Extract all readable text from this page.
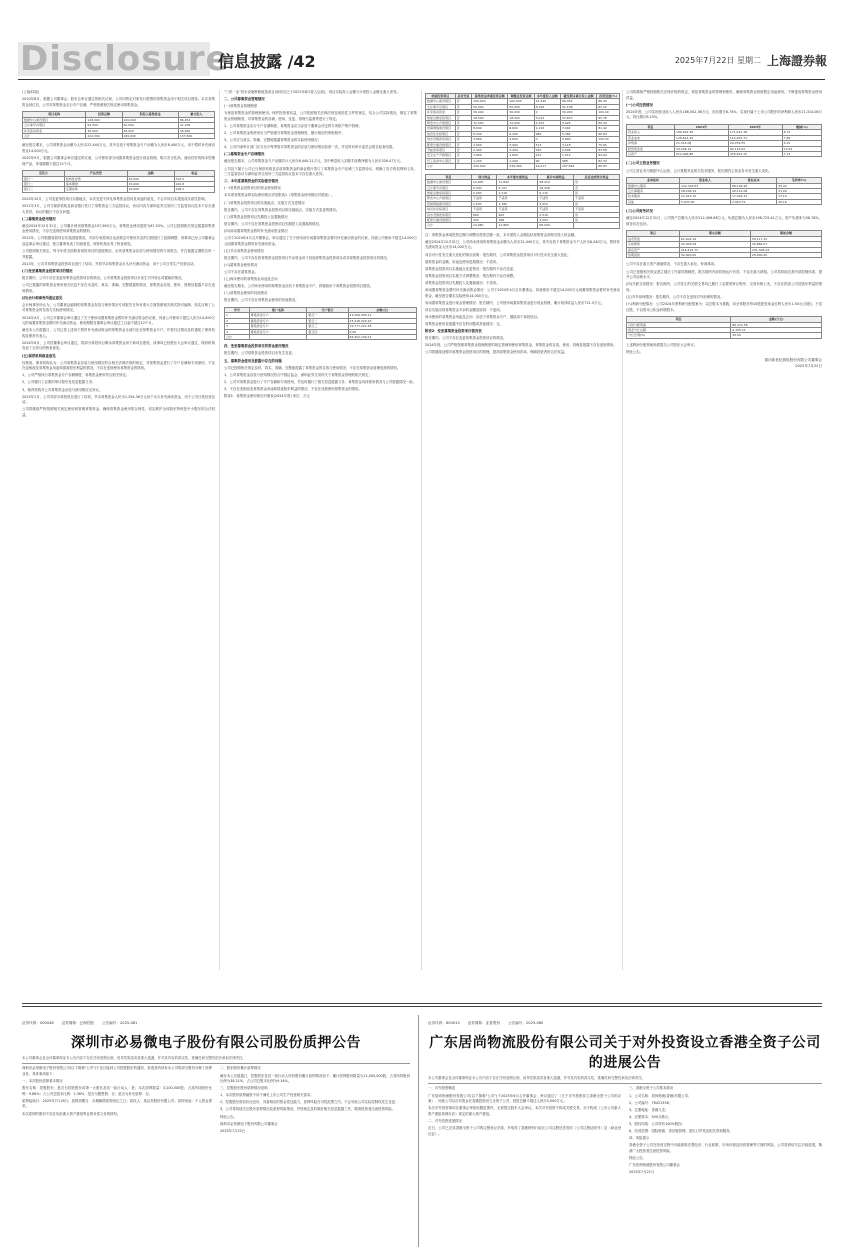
Disclosure
信息披露 /42	2025年7月22日 星期二 上海證券報

(上接42版)

2020年8月，根据公司董事会、股东会审议通过的相关议案，公司向特定对象发行股票的募集资金用于相关项目建设。本次募集资金到位后，公司对募集资金实行专户存储，严格按照相关规定使用募集资金。

项目名称	投资总额	拟投入募集资金	累计投入
数据中心建设项目	128,000	100,000	86,452
云计算平台项目	64,300	50,000	41,108
补充流动资金	30,000	30,000	30,000
合计	222,300	180,000	157,560

截至报告期末，公司募集资金余额为人民币22,440万元，其中存放于募集资金专户余额为人民币8,440万元，用于暂时补充流动资金14,000万元。

2020年9月，根据公司董事会审议通过的议案，公司使用部分闲置募集资金进行现金管理，购买安全性高、流动性好的保本型理财产品，单笔期限不超过12个月。

受托方	产品类型	金额	收益
银行一	结构性存款	20,000	312.5
银行二	保本理财	15,000	240.8
银行三	定期存款	10,000	168.2

2020年10月，公司变更募投项目实施地点，本次变更不涉及募集资金投向及用途的改变，不会对项目实施造成实质性影响。

2021年3月，公司与保荐机构及商业银行签订了募集资金三方监管协议，协议内容与深圳证券交易所三方监管协议范本不存在重大差异，协议的履行不存在问题。

(二)募集资金使用情况

截至2024年12月31日，公司累计使用募集资金157,560万元，募集资金使用进度为87.53%。公司已按照相关规定披露募集资金使用情况，不存在违规使用募集资金的情形。

2022年，公司根据募投项目实施进展情况，对部分募投项目达到预定可使用状态的日期进行了延期调整，该事项已经公司董事会及监事会审议通过，独立董事发表了同意意见，保荐机构出具了核查意见。

公司按照相关规定，每半年度全面核查募投项目的进展情况，出具募集资金存放与使用情况的专项报告，并在披露定期报告时一并披露。

2023年，公司对募集资金投资项目进行了结项，并将节余募集资金永久补充流动资金，用于公司日常生产经营活动。

(三)变更募集资金投资项目的情况

报告期内，公司不存在变更募集资金投资项目的情况。公司募集资金投资项目未发生对外转让或置换的情况。

公司已披露的募集资金使用相关信息不存在未及时、真实、准确、完整披露的情况，募集资金存放、使用、管理及披露不存在违规情形。

(四)会计师事务所鉴证意见

会计师事务所认为，公司董事会编制的募集资金存放与使用情况专项报告在所有重大方面按照相关格式指引编制，如实反映了公司募集资金的存放与实际使用情况。

2024年4月，公司召开董事会审议通过了关于使用闲置募集资金暂时补充流动资金的议案，同意公司使用不超过人民币14,000万元的闲置募集资金暂时补充流动资金，使用期限自董事会审议通过之日起不超过12个月。

截至本公告披露日，公司已将上述用于暂时补充流动资金的募集资金全部归还至募集资金专户，并将归还情况及时通知了保荐机构及保荐代表人。

2024年6月，公司经董事会审议通过，将部分募投项目剩余募集资金用于新项目建设，该事项已经股东大会审议通过，保荐机构发表了无异议的核查意见。

(五)保荐机构核查意见

经核查，保荐机构认为：公司募集资金存放与使用情况符合相关法律法规的规定，对募集资金进行了专户存储和专项使用，不存在变相改变募集资金用途和损害股东利益的情况，不存在违规使用募集资金的情形。

1、公司严格执行募集资金专户存储制度，募集资金使用符合相关规定；

2、公司履行了必要的审议程序及信息披露义务；

3、保荐机构对公司募集资金存放与使用情况无异议。

2025年1月，公司对部分募投项目进行了结项，节余募集资金人民币1,254.36万元用于永久补充流动资金，用于公司日常经营活动。

公司将继续严格按照相关规定使用和管理募集资金，确保募集资金使用的合规性，切实维护全体股东特别是中小股东的合法权益。

"三供一业"供水设施维修改造项目(该项目已于2022年8月投入运营)，项目实际投入金额与计划投入金额无重大差异。

二、公司募集资金管理情况

(一)募集资金管理制度

为规范募集资金的管理和使用，保护投资者权益，公司依照相关法律法规及规范性文件的规定，结合公司实际情况，制定了募集资金管理制度，对募集资金的存储、使用、变更、管理与监督等进行了规定。

1、公司募集资金实行专户存储制度，募集资金应当存放于董事会决定的专项账户集中管理；

2、公司募集资金的使用应当严格遵守募集资金管理制度，履行相应的审批程序；

3、公司应当真实、准确、完整地披露募集资金的实际使用情况；

4、公司内部审计部门应当至少每季度对募集资金的存放与使用情况检查一次，并及时向审计委员会报告检查结果。

(二)募集资金专户存储情况

截至报告期末，公司募集资金专户余额共计人民币8,440.21万元，其中利息收入扣除手续费净额为人民币326.47万元。

公司及下属子公司已与保荐机构及存放募集资金的商业银行签订了募集资金专户存储三方监管协议，明确了各方的权利和义务。三方监管协议与深圳证券交易所三方监管协议范本不存在重大差异。

三、本年度募集资金的实际使用情况

(一)募集资金投资项目的资金使用情况

本年度募集资金的实际使用情况详见附表1《募集资金使用情况对照表》。

(二)募集资金投资项目的实施地点、实施方式变更情况

报告期内，公司不存在募集资金投资项目的实施地点、实施方式变更的情况。

(三)募集资金投资项目先期投入及置换情况

报告期内，公司不存在募集资金投资项目先期投入及置换的情况。

(四)用闲置募集资金暂时补充流动资金情况

公司于2024年4月召开董事会，审议通过了关于使用部分闲置募集资金暂时补充流动资金的议案，同意公司使用不超过14,000万元闲置募集资金暂时补充流动资金。

(五)节余募集资金使用情况

报告期内，公司不存在将募集资金投资项目节余资金用于其他募集资金投资项目或非募集资金投资项目的情况。

(六)超募资金使用情况

公司不存在超募资金。

(七)尚未使用的募集资金用途及去向

截至报告期末，公司尚未使用的募集资金存放于募集资金专户，将继续用于募集资金投资项目建设。

(八)募集资金使用的其他情况

报告期内，公司不存在募集资金使用的其他情况。

序号	账户名称	开户银行	余额(元)
1	募集资金专户	银行一	41,206,358.12
2	募集资金专户	银行二	23,418,520.44
3	募集资金专户	银行三	19,777,221.65
4	募集资金专户	银行四	0.00
合计			84,402,100.21

四、变更募集资金投资项目的资金使用情况

报告期内，公司募集资金投资项目未发生变更。

五、募集资金使用及披露中存在的问题

公司已按照相关规定及时、真实、准确、完整地披露了募集资金的存放与使用情况，不存在募集资金管理违规的情形。

1、公司募集资金存放与使用情况符合中国证监会、深圳证券交易所关于募集资金管理的相关规定；

2、公司对募集资金进行了专户存储和专项使用，并及时履行了相关信息披露义务，募集资金具体使用情况与公司披露情况一致；

3、不存在变相改变募集资金用途和损害股东利益的情况，不存在违规使用募集资金的情形。

附表1：募集资金使用情况对照表(2024年度) 单位：万元

承诺投资项目	是否变更	募集资金承诺投资总额	调整后投资总额	本年度投入金额	截至期末累计投入金额	投资进度(%)
数据中心建设项目	否	100,000	100,000	12,340	86,452	86.45
云计算平台项目	否	50,000	50,000	8,226	41,108	82.22
补充流动资金	否	30,000	30,000	0	30,000	100.00
智能运维系统项目	否	18,500	18,500	3,012	15,870	85.78
研发中心升级项目	否	12,000	12,000	2,105	9,624	80.20
营销网络建设项目	否	8,600	8,600	1,216	7,002	81.42
信息化系统项目	否	6,200	6,200	980	5,384	86.84
供水设施改造项目	否	4,800	4,800	0	4,800	100.00
配套仓储设施项目	否	3,900	3,900	512	3,118	79.95
节能改造项目	否	2,400	2,400	320	2,006	83.58
安全生产升级项目	否	1,800	1,800	210	1,512	84.00
员工培训中心项目	否	1,200	1,200	96	988	82.33
小计		239,400	239,400	29,017	207,864	86.83
项目	预计效益	本年度实现效益	累计实现效益	是否达到预计效益
数据中心建设项目	12,600	11,842	38,214	是
云计算平台项目	6,300	5,127	16,408	否
智能运维系统项目	2,400	2,216	6,115	是
研发中心升级项目	不适用	不适用	不适用	不适用
营销网络建设项目	1,500	1,380	3,952	是
信息化系统项目	不适用	不适用	不适用	不适用
供水设施改造项目	860	902	2,316	是
配套仓储设施项目	420	398	1,004	是
合计	24,080	21,865	68,009	

注：募集资金承诺投资总额与调整后投资总额一致，本年度投入金额包括募集资金到账后投入的金额。

截至2024年12月31日，公司尚未使用的募集资金余额为人民币22,440万元，其中存放于募集资金专户人民币8,440万元，暂时补充流动资金人民币14,000万元。

项目可行性发生重大变化的情况说明：报告期内，公司募集资金投资项目可行性未发生重大变化。

超募资金的金额、用途及使用进展情况：不适用。

募集资金投资项目实施地点变更情况：报告期内不存在变更。

募集资金投资项目实施方式调整情况：报告期内不存在调整。

募集资金投资项目先期投入及置换情况：不适用。

用闲置募集资金暂时补充流动资金情况：公司于2024年4月召开董事会，同意使用不超过14,000万元闲置募集资金暂时补充流动资金，截至报告期末实际使用14,000万元。

用闲置募集资金进行现金管理情况：报告期内，公司使用闲置募集资金进行现金管理，累计取得收益人民币721.5万元。

项目实施出现募集资金节余的金额及原因：不适用。

尚未使用的募集资金用途及去向：存放于募集资金专户，继续用于募投项目。

募集资金使用及披露中存在的问题或其他情况：无。

附表2：变更募集资金投资项目情况表

报告期内，公司不存在变更募集资金投资项目的情况。

2024年度，公司严格按照募集资金管理制度的规定管理和使用募集资金，募集资金的存放、使用、管理及披露不存在违规情形。

公司将继续加强对募集资金投资项目的管理，提高募集资金使用效率，保障投资者的合法权益。

公司将继续严格按照相关法律法规的规定，规范募集资金的管理和使用，确保募集资金按照既定用途使用，不断提高募集资金使用效益。

(一)公司经营情况

2024年度，公司实现营业收入人民币186,542.36万元，同比增长8.74%；实现归属于上市公司股东的净利润人民币21,314.08万元，同比增长6.15%。

项目	2024年	2023年	增减(%)
营业收入	186,542.36	171,542.18	8.74
营业成本	128,612.44	119,205.71	7.89
净利润	21,314.08	20,079.55	6.15
经营现金流	34,206.19	30,114.62	13.59
总资产	512,406.88	478,302.15	7.13

(二)公司主营业务情况

公司主营业务为数据中心运营、云计算服务及相关技术服务，报告期内主营业务未发生重大变化。

业务板块	营业收入	营业成本	毛利率(%)
数据中心服务	102,318.52	68,104.26	33.44
云计算服务	58,206.14	40,112.08	31.09
技术服务	21,014.70	17,402.31	17.19
其他	5,003.00	2,993.79	40.16

(三)公司财务状况

截至2024年12月31日，公司资产总额为人民币512,406.88万元，负债总额为人民币198,725.41万元，资产负债率为38.78%，财务状况良好。

项目	期末余额	期初余额
货币资金	61,204.16	58,117.32
应收账款	42,306.58	39,884.07
固定资产	218,415.72	201,308.44
短期借款	32,000.00	28,000.00

公司不存在重大资产减值情况，不存在重大诉讼、仲裁事项。

公司已按照相关规定建立健全了内部控制制度，报告期内内部控制运行有效，不存在重大缺陷。公司将持续完善内部控制体系，提升公司治理水平。

(四)关联交易情况：报告期内，公司发生的关联交易均已履行了必要的审议程序，交易价格公允，不存在损害公司及股东利益的情形。

(五)对外担保情况：报告期内，公司不存在违规对外担保的情况。

(六)利润分配情况：公司2024年度利润分配预案为：以总股本为基数，向全体股东每10股派发现金红利人民币1.50元(含税)，不送红股，不以资本公积金转增股本。

项目	金额(万元)
可供分配利润	86,412.58
现金分红总额	6,395.21
分红比例(%)	30.00

上述利润分配预案尚需提交公司股东大会审议。

特此公告。

重庆新世纪游轮股份有限公司董事会
2025年7月22日
证券代码：000046 证券简称：泛海控股 公告编号：2025-081
深圳市必易微电子股份有限公司股份质押公告
本公司董事会及全体董事保证本公告内容不存在任何虚假记载、误导性陈述或者重大遗漏，并对其内容的真实性、准确性和完整性依法承担法律责任。

深圳市必易微电子股份有限公司(以下简称"公司")于近日接到公司控股股东的通知，获悉其所持有本公司的部分股份办理了质押业务，具体事项如下：

一、本次股份质押基本情况

股东名称：控股股东；是否为控股股东或第一大股东及其一致行动人：是；本次质押数量：3,200,000股；占其所持股份比例：9.86%；占公司总股本比例：2.36%；是否为限售股：否；是否为补充质押：否。

质押起始日：2025年7月18日；质押到期日：办理解除质押登记之日；质权人：某证券股份有限公司；质押用途：个人资金需求。

本次质押的股份不存在负担重大资产重组等业绩补偿义务的情形。

二、股东股份累计质押情况

截至本公告披露日，控股股东及其一致行动人所持股份累计质押情况如下：累计质押股份数量为12,400,000股，占其所持股份比例为38.21%，占公司总股本比例为9.14%。

三、控股股东股份质押情况说明

1、本次股份质押融资不用于满足上市公司生产经营相关需求；

2、控股股东资信状况良好，具备相应的资金偿还能力，质押风险在可控范围之内，不会导致公司实际控制权发生变更；

3、公司将持续关注股东质押情况及质押风险情况，并按规定及时做好相关信息披露工作，敬请投资者注意投资风险。

特此公告。

深圳市必易微电子股份有限公司董事会

2025年7月22日

证券代码：603013 证券简称：亚普股份 公告编号：2025-060
广东居尚物流股份有限公司关于对外投资设立香港全资子公司的进展公告
本公司董事会及全体董事保证本公告内容不存在任何虚假记载、误导性陈述或者重大遗漏，并对其内容的真实性、准确性和完整性承担法律责任。

一、对外投资概述

广东居尚物流股份有限公司(以下简称"公司")于2025年6月召开董事会，审议通过了《关于对外投资设立香港全资子公司的议案》，同意公司以自有资金在香港投资设立全资子公司，投资总额不超过人民币5,000万元。

本次对外投资事项在董事会审批权限范围内，无需提交股东大会审议。本次对外投资不构成关联交易，亦不构成《上市公司重大资产重组管理办法》规定的重大资产重组。

二、对外投资进展情况

近日，公司已完成香港全资子公司的注册登记手续，并取得了香港特别行政区公司注册处签发的《公司注册证明书》及《商业登记证》。

三、香港全资子公司基本情况

1、公司名称：居尚物流(香港)有限公司；

2、公司编号：78421358；

3、注册地址：香港九龙；

4、注册资本：500万港元；

5、股权结构：公司持有100%股权；

6、经营范围：国际物流、供应链管理、进出口贸易及相关咨询服务。

四、风险提示

香港全资子公司在经营过程中可能面临宏观经济、行业政策、市场环境及经营管理等方面的风险，公司将密切关注后续进展，敬请广大投资者注意投资风险。

特此公告。

广东居尚物流股份有限公司董事会

2025年7月21日
